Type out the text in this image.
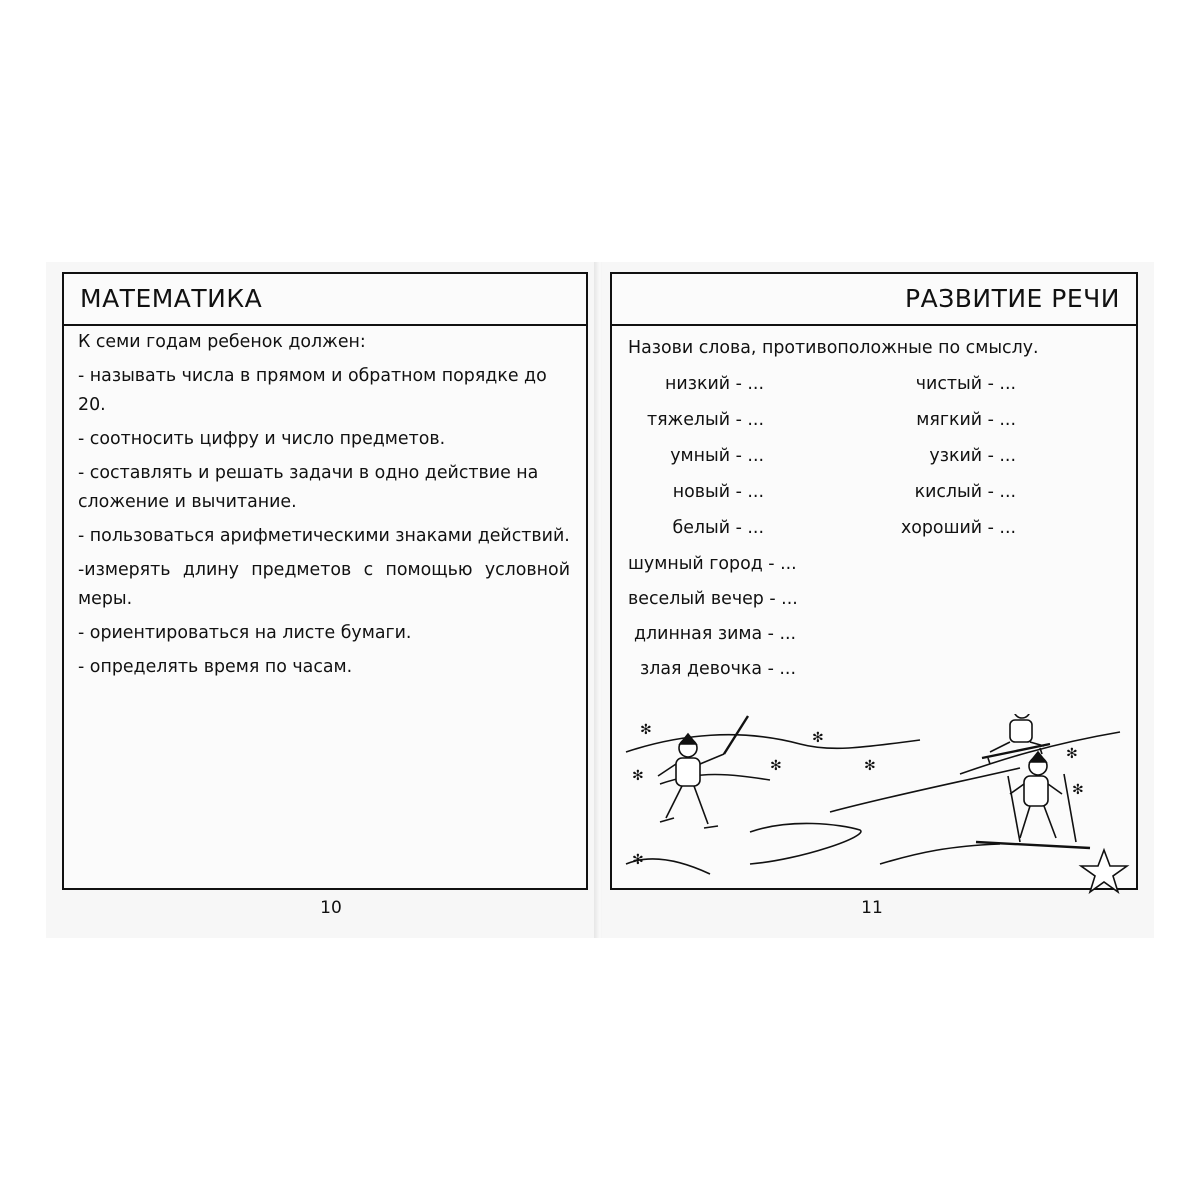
МАТЕМАТИКА

К семи годам ребенок должен:

- называть числа в прямом и обратном порядке до 20.

- соотносить цифру и число предметов.

- составлять и решать задачи в одно действие на сложение и вычитание.

- пользоваться арифметическими знаками действий.

-измерять длину предметов с помощью условной меры.

- ориентироваться на листе бумаги.

- определять время по часам.

10
РАЗВИТИЕ РЕЧИ
Назови слова, противоположные по смыслу.
низкий - ...	чистый - ...
тяжелый - ...	мягкий - ...
умный - ...	узкий - ...
новый - ...	кислый - ...
белый - ...	хороший - ...
шумный город - ...
веселый вечер - ...
длинная зима - ...
злая девочка - ...
✻
✻
✻
✻	✻
✻
✻
✻
11
